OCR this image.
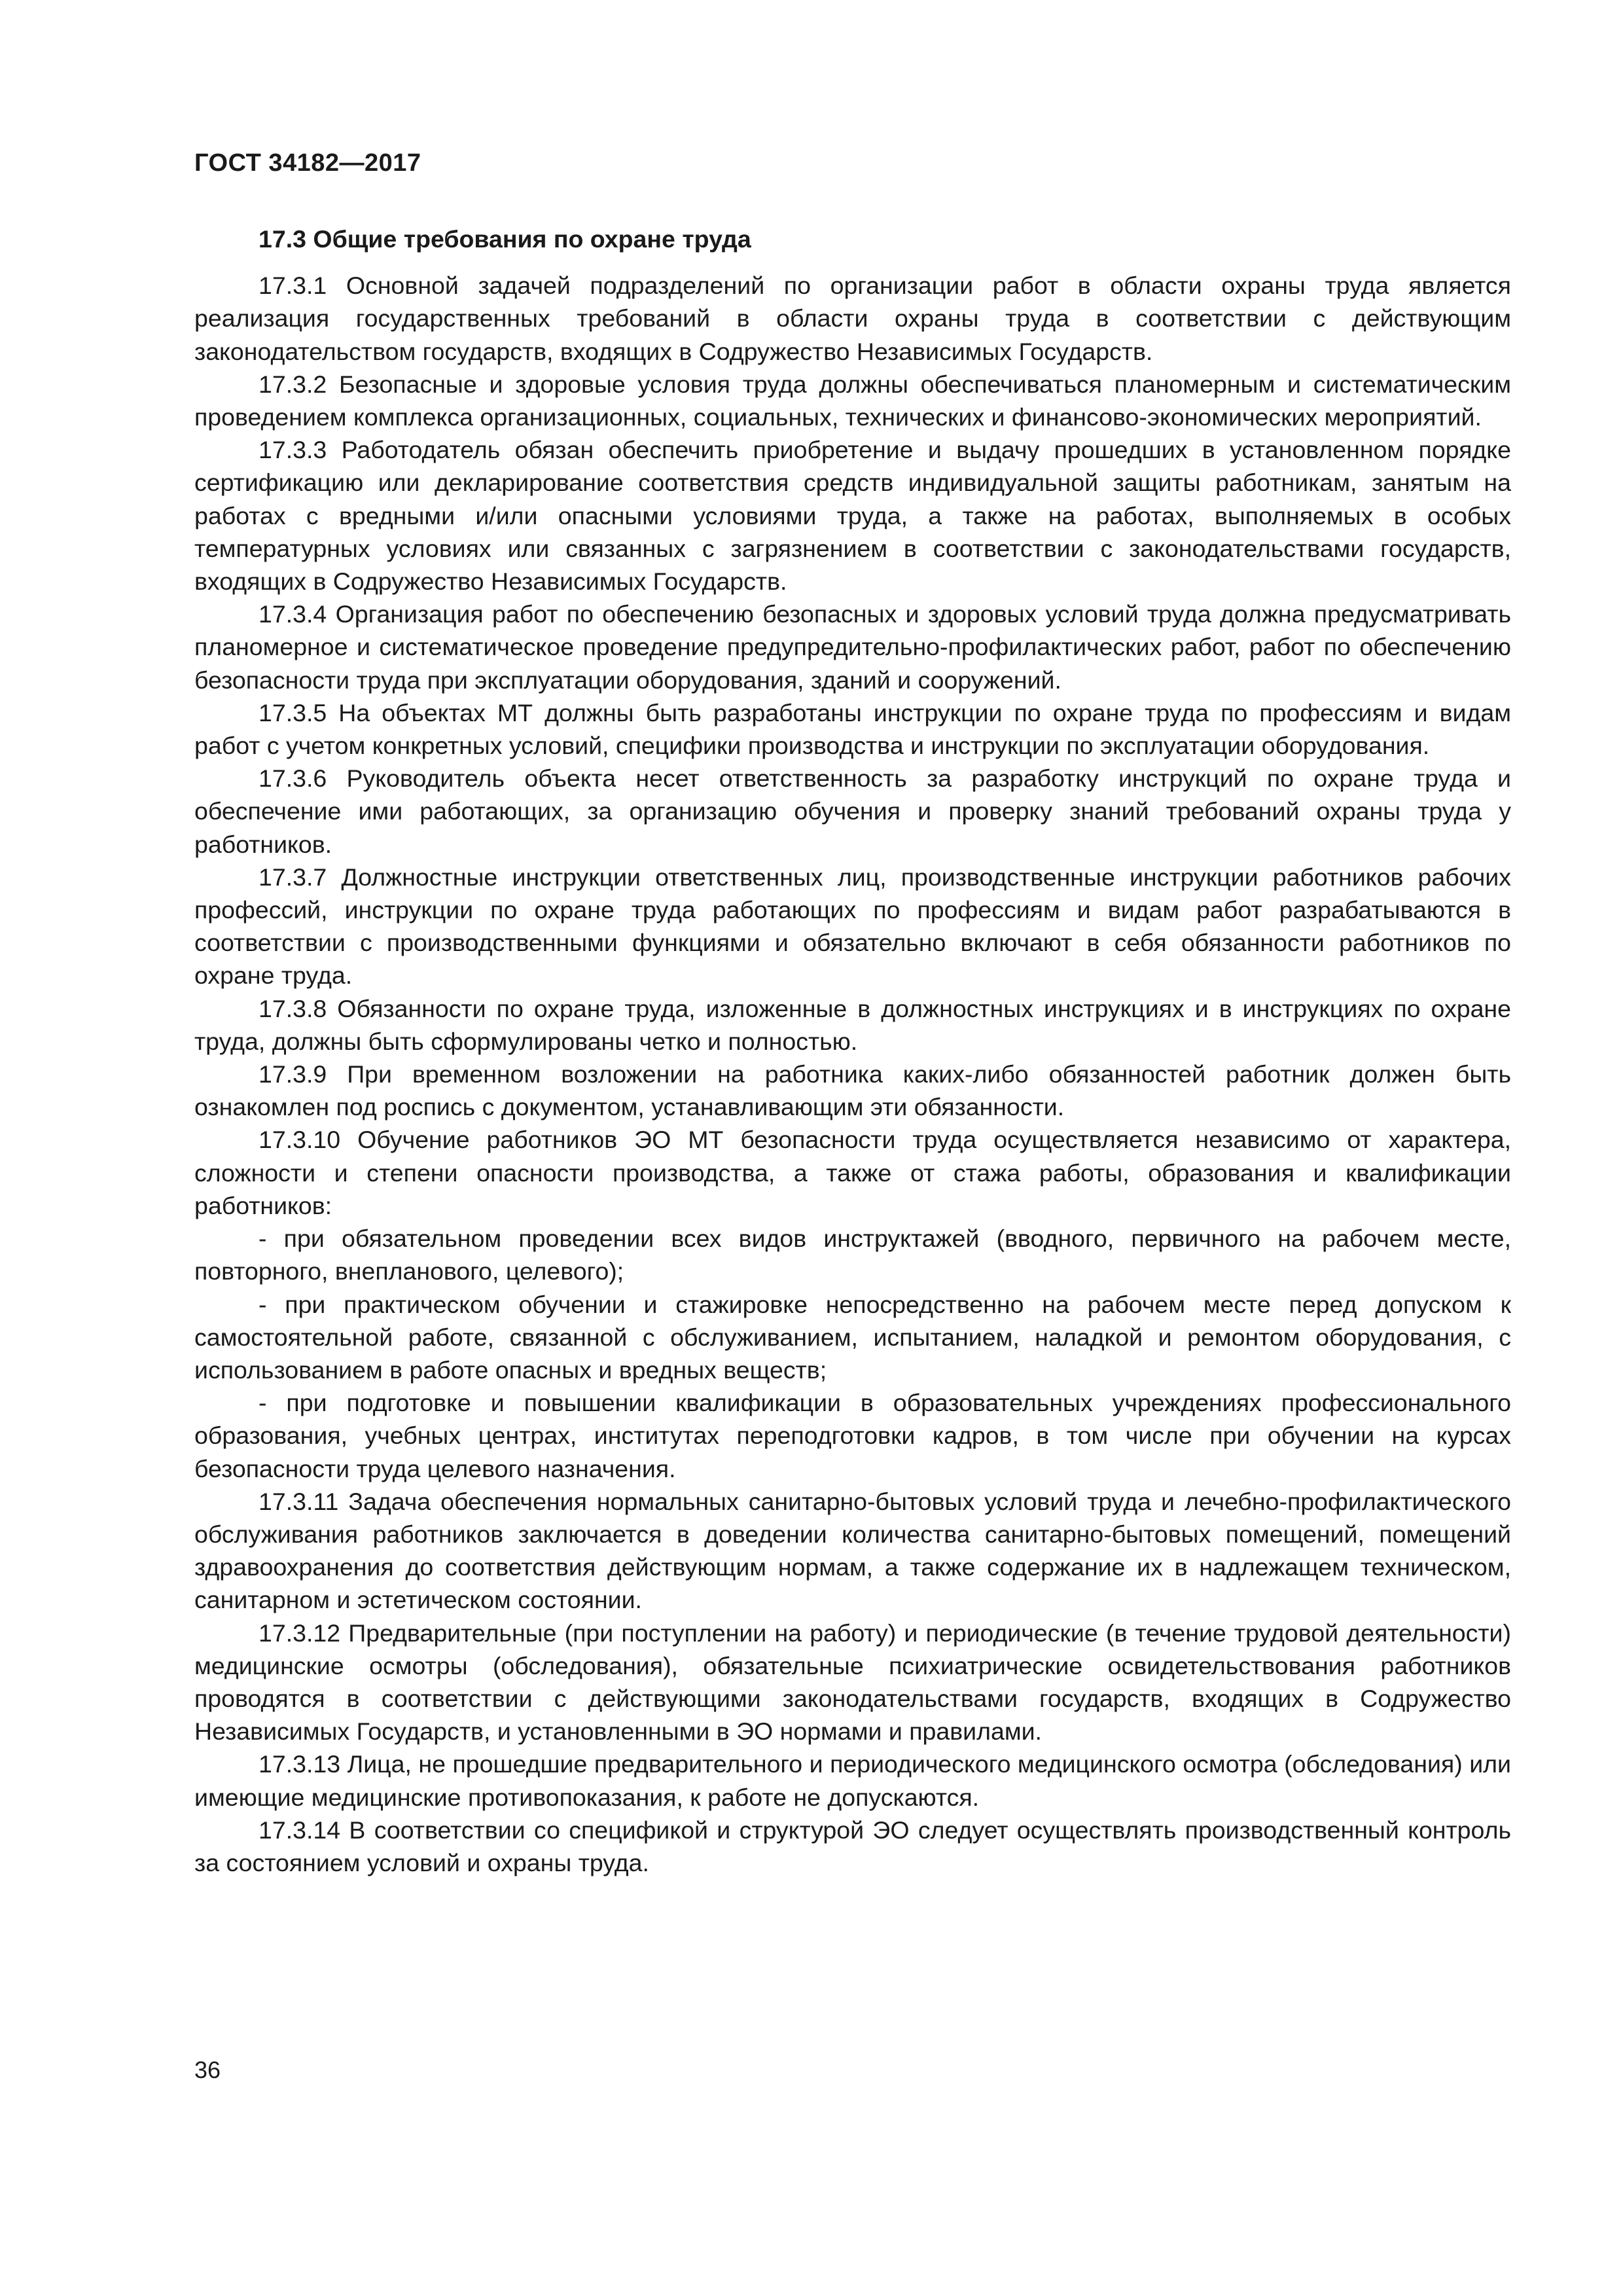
ГОСТ 34182—2017

17.3 Общие требования по охране труда

17.3.1 Основной задачей подразделений по организации работ в области охраны труда является реализация государственных требований в области охраны труда в соответствии с действующим законодательством государств, входящих в Содружество Независимых Государств.

17.3.2 Безопасные и здоровые условия труда должны обеспечиваться планомерным и систематическим проведением комплекса организационных, социальных, технических и финансово-экономических мероприятий.

17.3.3 Работодатель обязан обеспечить приобретение и выдачу прошедших в установленном порядке сертификацию или декларирование соответствия средств индивидуальной защиты работникам, занятым на работах с вредными и/или опасными условиями труда, а также на работах, выполняемых в особых температурных условиях или связанных с загрязнением в соответствии с законодательствами государств, входящих в Содружество Независимых Государств.

17.3.4 Организация работ по обеспечению безопасных и здоровых условий труда должна предусматривать планомерное и систематическое проведение предупредительно-профилактических работ, работ по обеспечению безопасности труда при эксплуатации оборудования, зданий и сооружений.

17.3.5 На объектах МТ должны быть разработаны инструкции по охране труда по профессиям и видам работ с учетом конкретных условий, специфики производства и инструкции по эксплуатации оборудования.

17.3.6 Руководитель объекта несет ответственность за разработку инструкций по охране труда и обеспечение ими работающих, за организацию обучения и проверку знаний требований охраны труда у работников.

17.3.7 Должностные инструкции ответственных лиц, производственные инструкции работников рабочих профессий, инструкции по охране труда работающих по профессиям и видам работ разрабатываются в соответствии с производственными функциями и обязательно включают в себя обязанности работников по охране труда.

17.3.8 Обязанности по охране труда, изложенные в должностных инструкциях и в инструкциях по охране труда, должны быть сформулированы четко и полностью.

17.3.9 При временном возложении на работника каких-либо обязанностей работник должен быть ознакомлен под роспись с документом, устанавливающим эти обязанности.

17.3.10 Обучение работников ЭО МТ безопасности труда осуществляется независимо от характера, сложности и степени опасности производства, а также от стажа работы, образования и квалификации работников:

- при обязательном проведении всех видов инструктажей (вводного, первичного на рабочем месте, повторного, внепланового, целевого);

- при практическом обучении и стажировке непосредственно на рабочем месте перед допуском к самостоятельной работе, связанной с обслуживанием, испытанием, наладкой и ремонтом оборудования, с использованием в работе опасных и вредных веществ;

- при подготовке и повышении квалификации в образовательных учреждениях профессионального образования, учебных центрах, институтах переподготовки кадров, в том числе при обучении на курсах безопасности труда целевого назначения.

17.3.11 Задача обеспечения нормальных санитарно-бытовых условий труда и лечебно-профилактического обслуживания работников заключается в доведении количества санитарно-бытовых помещений, помещений здравоохранения до соответствия действующим нормам, а также содержание их в надлежащем техническом, санитарном и эстетическом состоянии.

17.3.12 Предварительные (при поступлении на работу) и периодические (в течение трудовой деятельности) медицинские осмотры (обследования), обязательные психиатрические освидетельствования работников проводятся в соответствии с действующими законодательствами государств, входящих в Содружество Независимых Государств, и установленными в ЭО нормами и правилами.

17.3.13 Лица, не прошедшие предварительного и периодического медицинского осмотра (обследования) или имеющие медицинские противопоказания, к работе не допускаются.

17.3.14 В соответствии со спецификой и структурой ЭО следует осуществлять производственный контроль за состоянием условий и охраны труда.

36
